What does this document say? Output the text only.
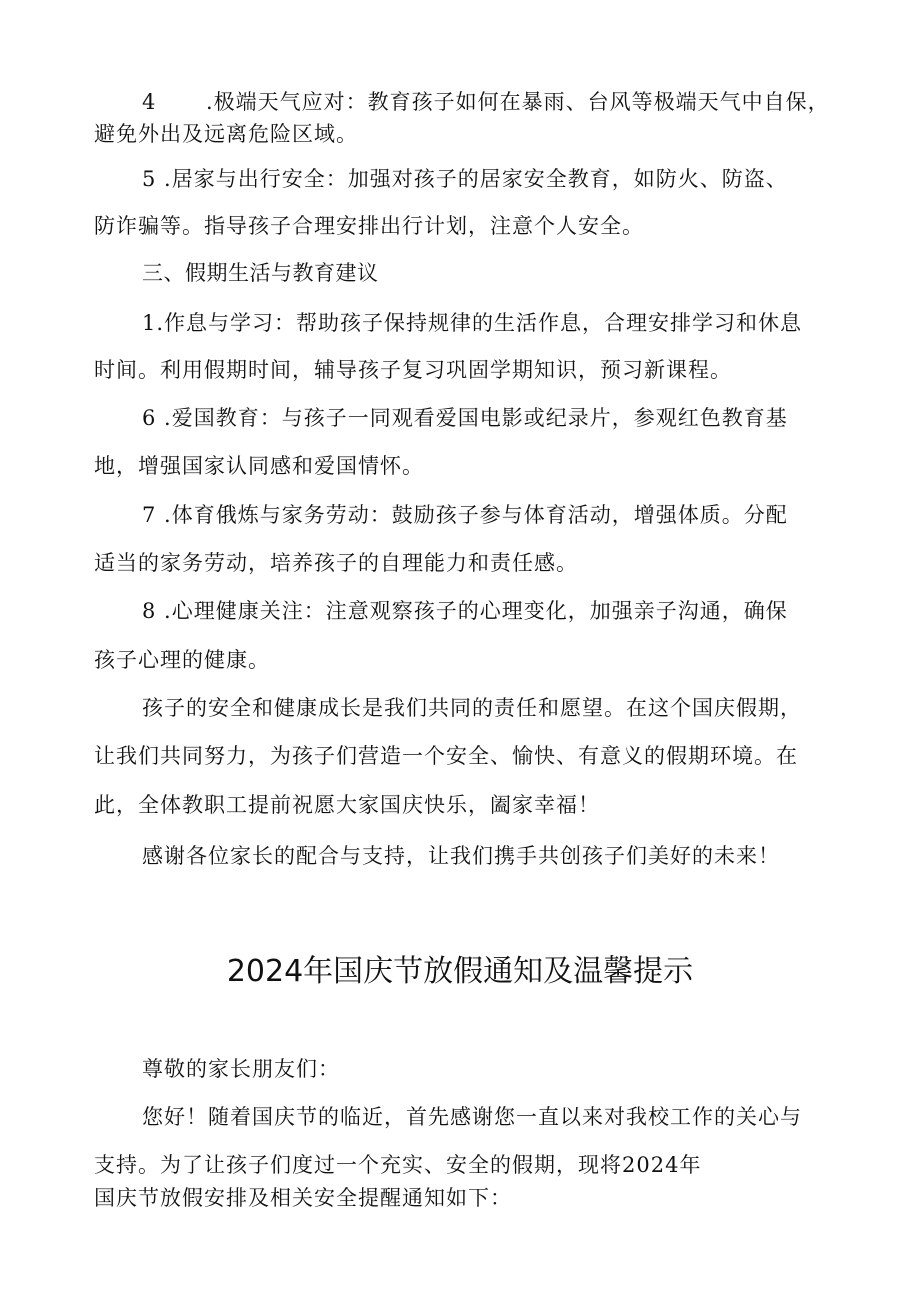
4 .极端天气应对：教育孩子如何在暴雨、台风等极端天气中自保，
避免外出及远离危险区域。
5 .居家与出行安全：加强对孩子的居家安全教育，如防火、防盗、
防诈骗等。指导孩子合理安排出行计划，注意个人安全。
三、假期生活与教育建议
1.作息与学习：帮助孩子保持规律的生活作息，合理安排学习和休息
时间。利用假期时间，辅导孩子复习巩固学期知识，预习新课程。
6 .爱国教育：与孩子一同观看爱国电影或纪录片，参观红色教育基
地，增强国家认同感和爱国情怀。
7 .体育俄炼与家务劳动：鼓励孩子参与体育活动，增强体质。分配
适当的家务劳动，培养孩子的自理能力和责任感。
8 .心理健康关注：注意观察孩子的心理变化，加强亲子沟通，确保
孩子心理的健康。
孩子的安全和健康成长是我们共同的责任和愿望。在这个国庆假期，
让我们共同努力，为孩子们营造一个安全、愉快、有意义的假期环境。在
此，全体教职工提前祝愿大家国庆快乐，阖家幸福！
感谢各位家长的配合与支持，让我们携手共创孩子们美好的未来！
2024年国庆节放假通知及温馨提示
尊敬的家长朋友们：
您好！随着国庆节的临近，首先感谢您一直以来对我校工作的关心与
支持。为了让孩子们度过一个充实、安全的假期，现将2024年
国庆节放假安排及相关安全提醒通知如下：
